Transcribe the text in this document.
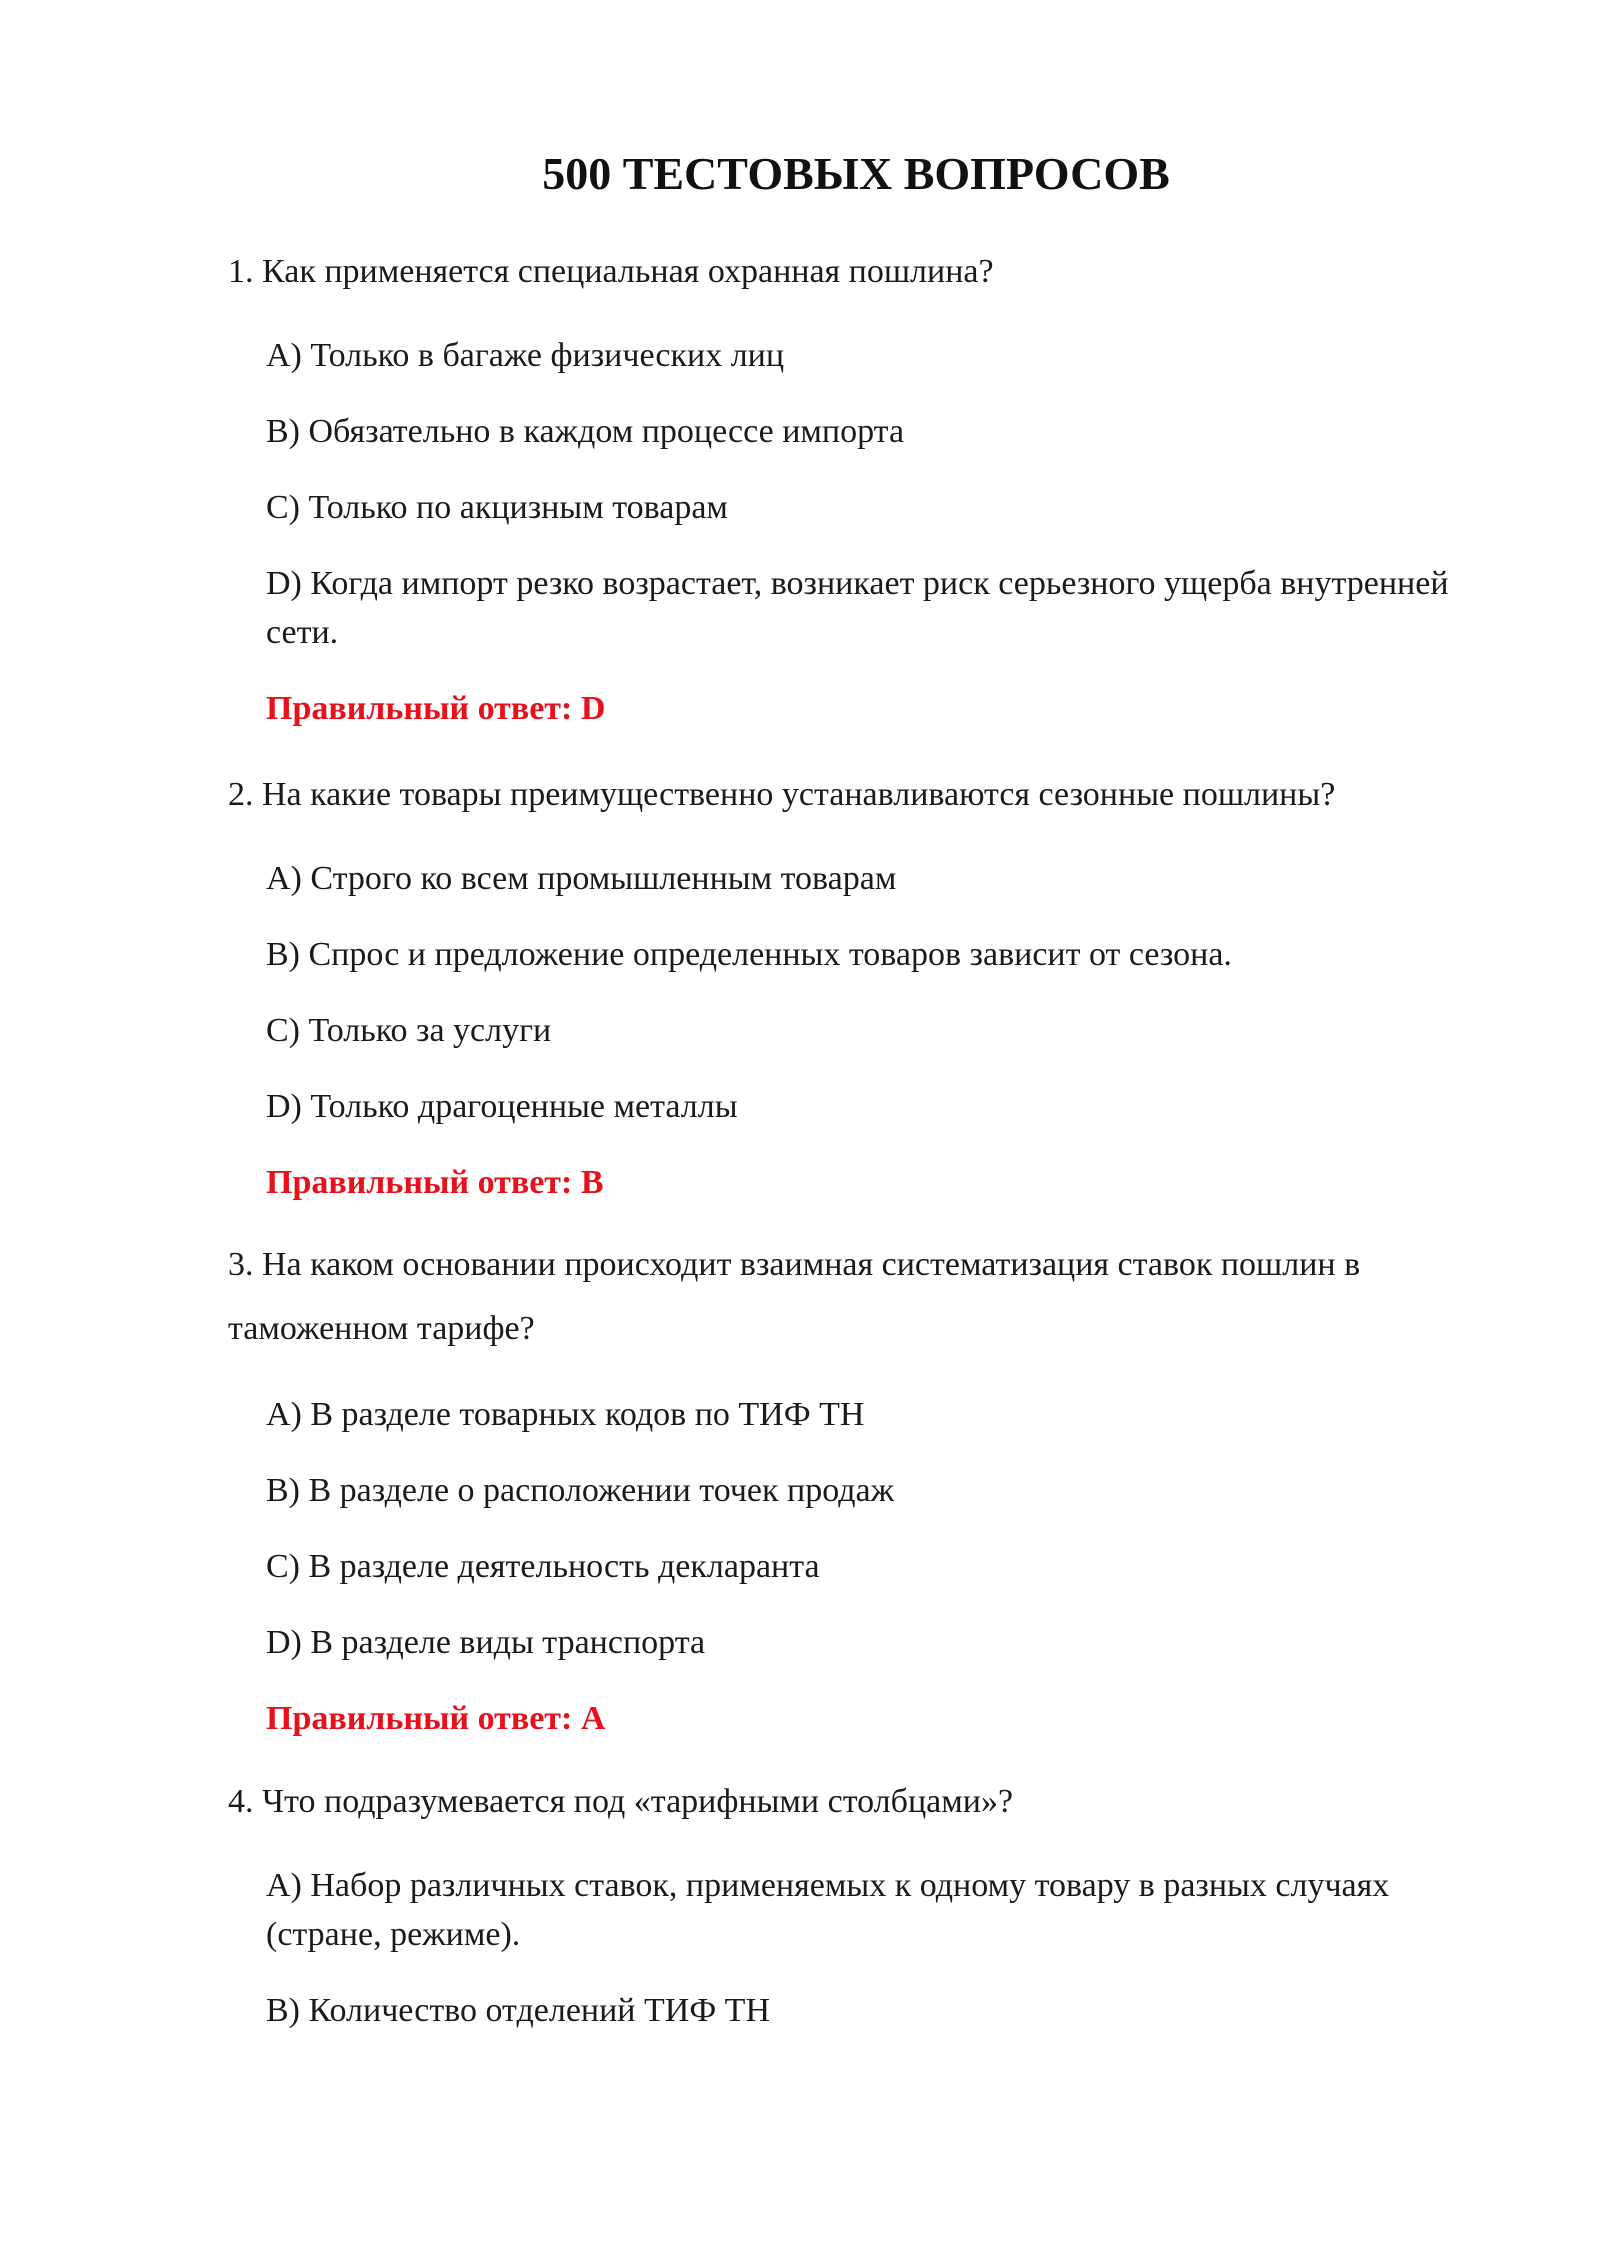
500 ТЕСТОВЫХ ВОПРОСОВ
1. Как применяется специальная охранная пошлина?
A) Только в багаже физических лиц
B) Обязательно в каждом процессе импорта
C) Только по акцизным товарам
D) Когда импорт резко возрастает, возникает риск серьезного ущерба внутренней сети.
Правильный ответ: D
2. На какие товары преимущественно устанавливаются сезонные пошлины?
A) Строго ко всем промышленным товарам
B) Спрос и предложение определенных товаров зависит от сезона.
C) Только за услуги
D) Только драгоценные металлы
Правильный ответ: B
3. На каком основании происходит взаимная систематизация ставок пошлин в таможенном тарифе?
A) В разделе товарных кодов по ТИФ ТН
B) В разделе о расположении точек продаж
C) В разделе деятельность декларанта
D) В разделе виды транспорта
Правильный ответ: A
4. Что подразумевается под «тарифными столбцами»?
A) Набор различных ставок, применяемых к одному товару в разных случаях (стране, режиме).
B) Количество отделений ТИФ ТН
